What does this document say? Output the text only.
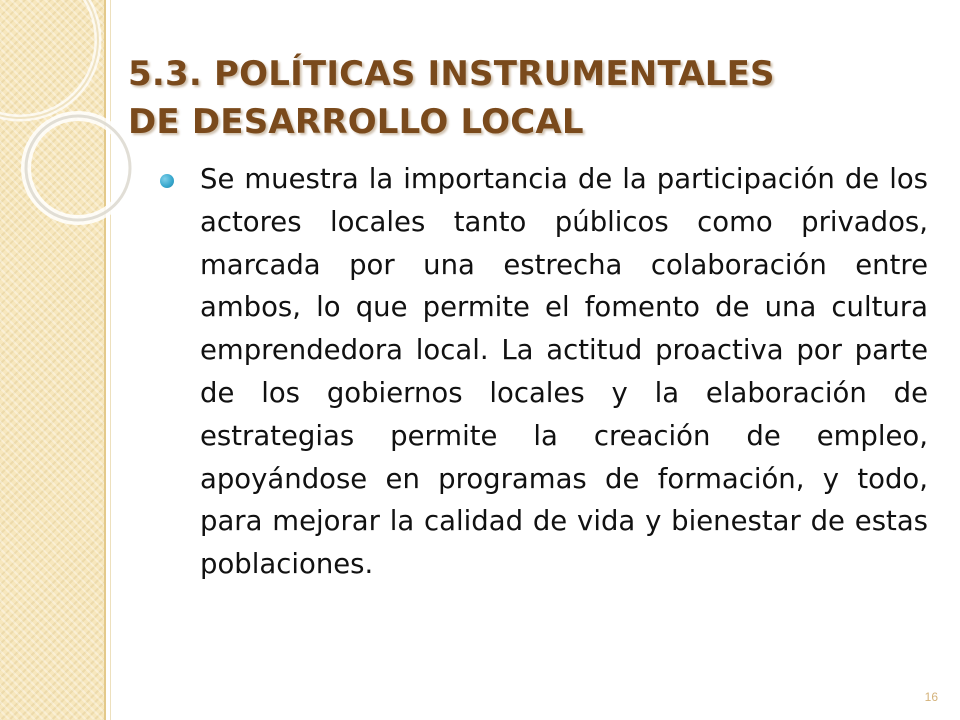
5.3. POLÍTICAS INSTRUMENTALES
DE DESARROLLO LOCAL

Se muestra la importancia de la participación de los actores locales tanto públicos como privados, marcada por una estrecha colaboración entre ambos, lo que permite el fomento de una cultura emprendedora local. La actitud proactiva por parte de los gobiernos locales y la elaboración de estrategias permite la creación de empleo, apoyándose en programas de formación, y todo, para mejorar la calidad de vida y bienestar de estas poblaciones.

16
